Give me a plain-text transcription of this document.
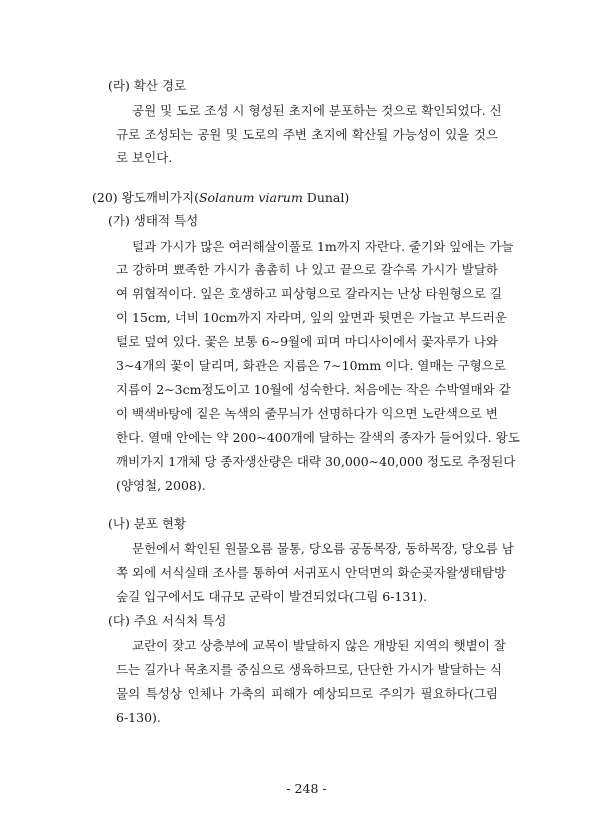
(라) 확산 경로
공원 및 도로 조성 시 형성된 초지에 분포하는 것으로 확인되었다. 신
규로 조성되는 공원 및 도로의 주변 초지에 확산될 가능성이 있을 것으
로 보인다.
(20) 왕도깨비가지(Solanum viarum Dunal)
(가) 생태적 특성
털과 가시가 많은 여러해살이풀로 1m까지 자란다. 줄기와 잎에는 가늘
고 강하며 뾰족한 가시가 촘촘히 나 있고 끝으로 갈수록 가시가 발달하
여 위협적이다. 잎은 호생하고 피상형으로 갈라지는 난상 타원형으로 길
이 15cm, 너비 10cm까지 자라며, 잎의 앞면과 뒷면은 가늘고 부드러운
털로 덮여 있다. 꽃은 보통 6∼9월에 피며 마디사이에서 꽃자루가 나와
3∼4개의 꽃이 달리며, 화관은 지름은 7∼10mm 이다. 열매는 구형으로
지름이 2∼3cm정도이고 10월에 성숙한다. 처음에는 작은 수박열매와 같
이 백색바탕에 짙은 녹색의 줄무늬가 선명하다가 익으면 노란색으로 변
한다. 열매 안에는 약 200~400개에 달하는 갈색의 종자가 들어있다. 왕도
깨비가지 1개체 당 종자생산량은 대략 30,000∼40,000 정도로 추정된다
(양영철, 2008).
(나) 분포 현황
문헌에서 확인된 원물오름 물통, 당오름 공동목장, 동하목장, 당오름 남
쪽 외에 서식실태 조사를 통하여 서귀포시 안덕면의 화순곶자왈생태탐방
숲길 입구에서도 대규모 군락이 발견되었다(그림 6-131).
(다) 주요 서식처 특성
교란이 잦고 상층부에 교목이 발달하지 않은 개방된 지역의 햇볕이 잘
드는 길가나 목초지를 중심으로 생육하므로, 단단한 가시가 발달하는 식
물의 특성상 인체나 가축의 피해가 예상되므로 주의가 필요하다(그림
6-130).
- 248 -
